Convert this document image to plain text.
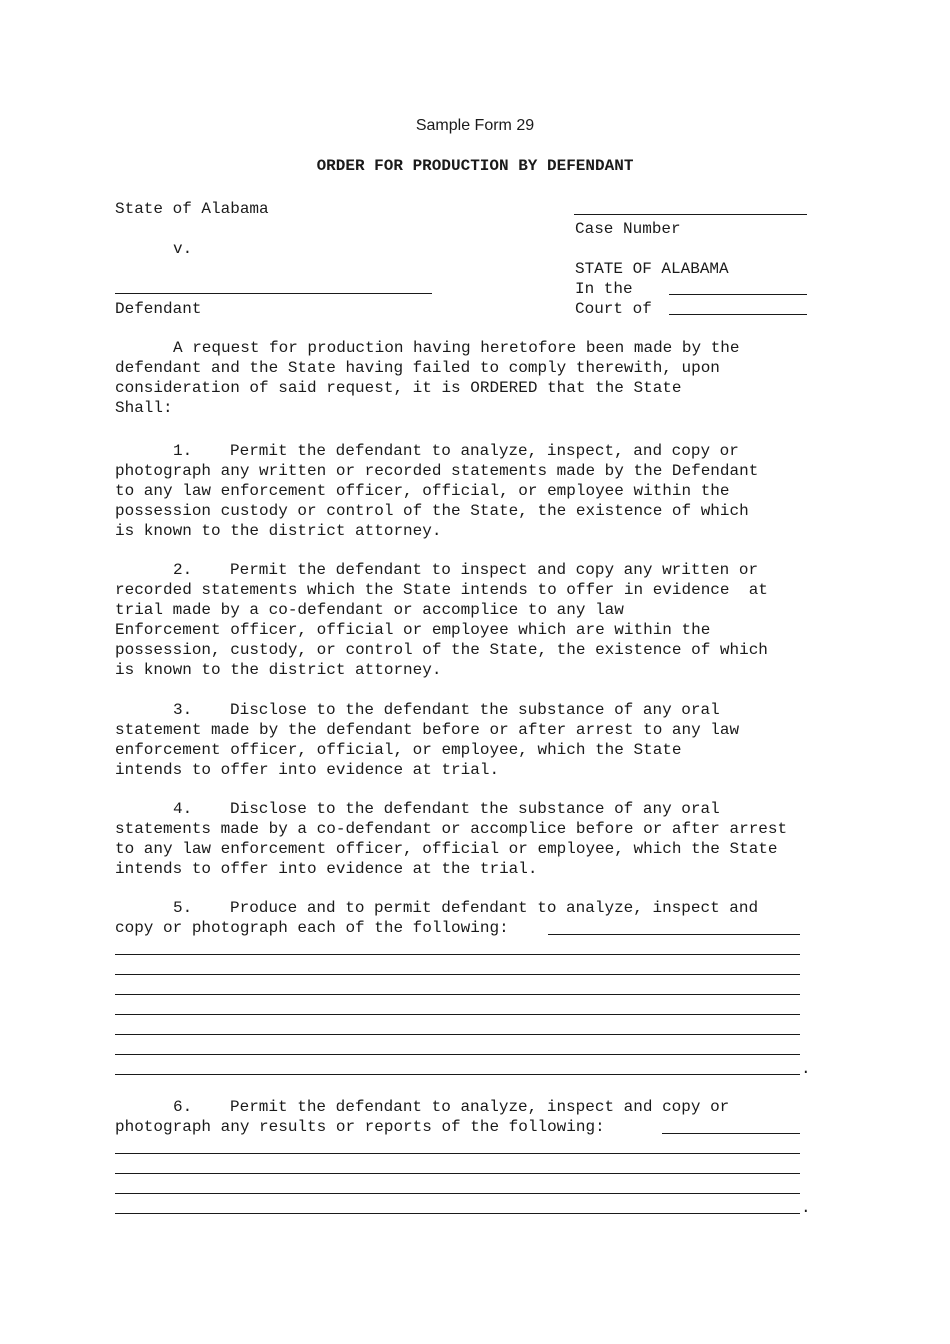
Sample Form 29
ORDER FOR PRODUCTION BY DEFENDANT
State of Alabama
v.
Defendant
Case Number
STATE OF ALABAMA
In the
Court of
A request for production having heretofore been made by the
defendant and the State having failed to comply therewith, upon
consideration of said request, it is ORDERED that the State
Shall:
1.	Permit the defendant to analyze, inspect, and copy or
photograph any written or recorded statements made by the Defendant
to any law enforcement officer, official, or employee within the
possession custody or control of the State, the existence of which
is known to the district attorney.
2.	Permit the defendant to inspect and copy any written or
recorded statements which the State intends to offer in evidence  at
trial made by a co-defendant or accomplice to any law
Enforcement officer, official or employee which are within the
possession, custody, or control of the State, the existence of which
is known to the district attorney.
3.	Disclose to the defendant the substance of any oral
statement made by the defendant before or after arrest to any law
enforcement officer, official, or employee, which the State
intends to offer into evidence at trial.
4.	Disclose to the defendant the substance of any oral
statements made by a co-defendant or accomplice before or after arrest
to any law enforcement officer, official or employee, which the State
intends to offer into evidence at the trial.
5.	Produce and to permit defendant to analyze, inspect and
copy or photograph each of the following:
.
6.	Permit the defendant to analyze, inspect and copy or
photograph any results or reports of the following:
.
